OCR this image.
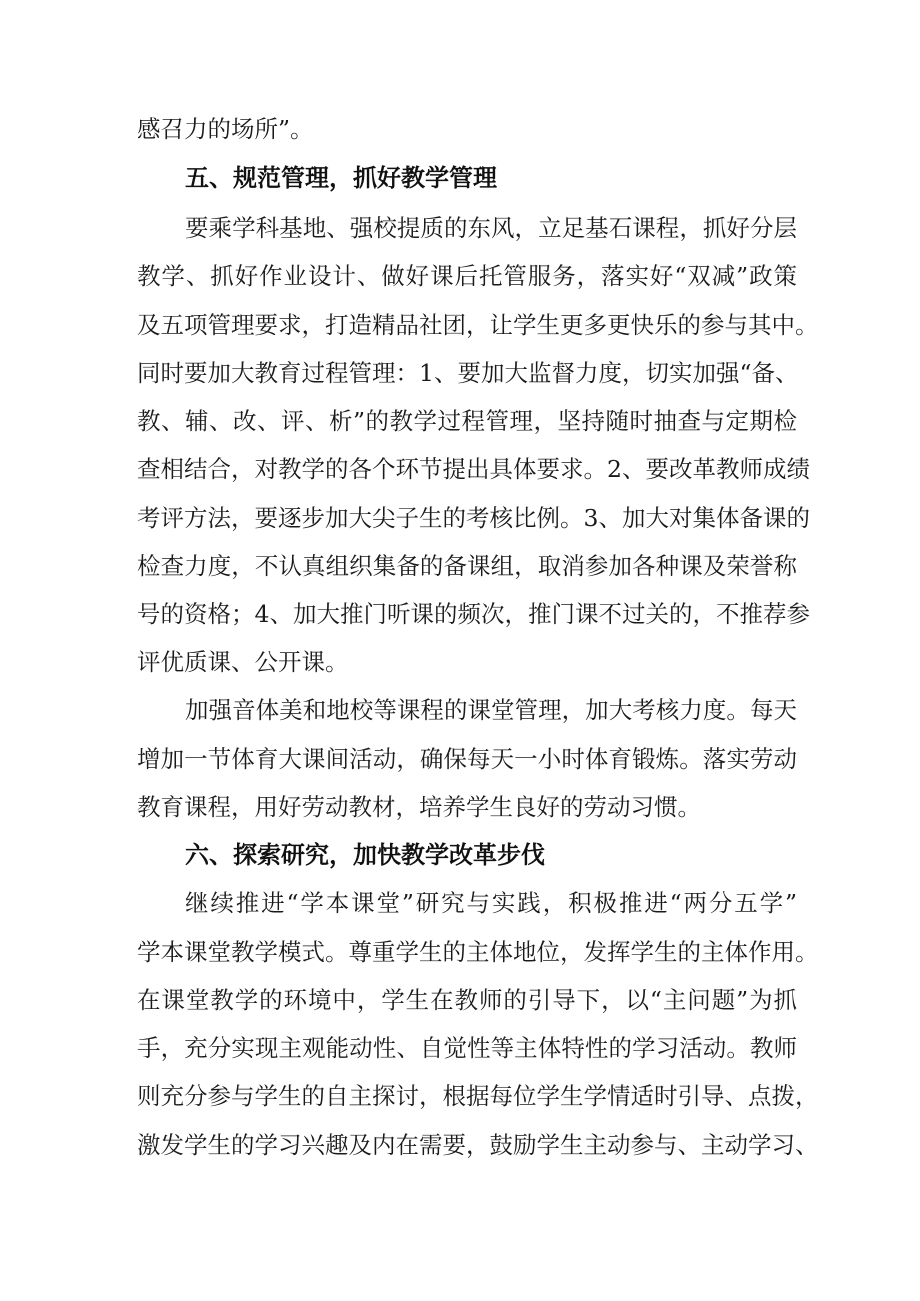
感召力的场所”。
五、规范管理，抓好教学管理
要乘学科基地、强校提质的东风，立足基石课程，抓好分层
教学、抓好作业设计、做好课后托管服务，落实好“双减”政策
及五项管理要求，打造精品社团，让学生更多更快乐的参与其中。
同时要加大教育过程管理：1、要加大监督力度，切实加强“备、
教、辅、改、评、析”的教学过程管理，坚持随时抽查与定期检
查相结合，对教学的各个环节提出具体要求。2、要改革教师成绩
考评方法，要逐步加大尖子生的考核比例。3、加大对集体备课的
检查力度，不认真组织集备的备课组，取消参加各种课及荣誉称
号的资格；4、加大推门听课的频次，推门课不过关的，不推荐参
评优质课、公开课。
加强音体美和地校等课程的课堂管理，加大考核力度。每天
增加一节体育大课间活动，确保每天一小时体育锻炼。落实劳动
教育课程，用好劳动教材，培养学生良好的劳动习惯。
六、探索研究，加快教学改革步伐
继续推进“学本课堂”研究与实践，积极推进“两分五学”
学本课堂教学模式。尊重学生的主体地位，发挥学生的主体作用。
在课堂教学的环境中，学生在教师的引导下，以“主问题”为抓
手，充分实现主观能动性、自觉性等主体特性的学习活动。教师
则充分参与学生的自主探讨，根据每位学生学情适时引导、点拨，
激发学生的学习兴趣及内在需要，鼓励学生主动参与、主动学习、
